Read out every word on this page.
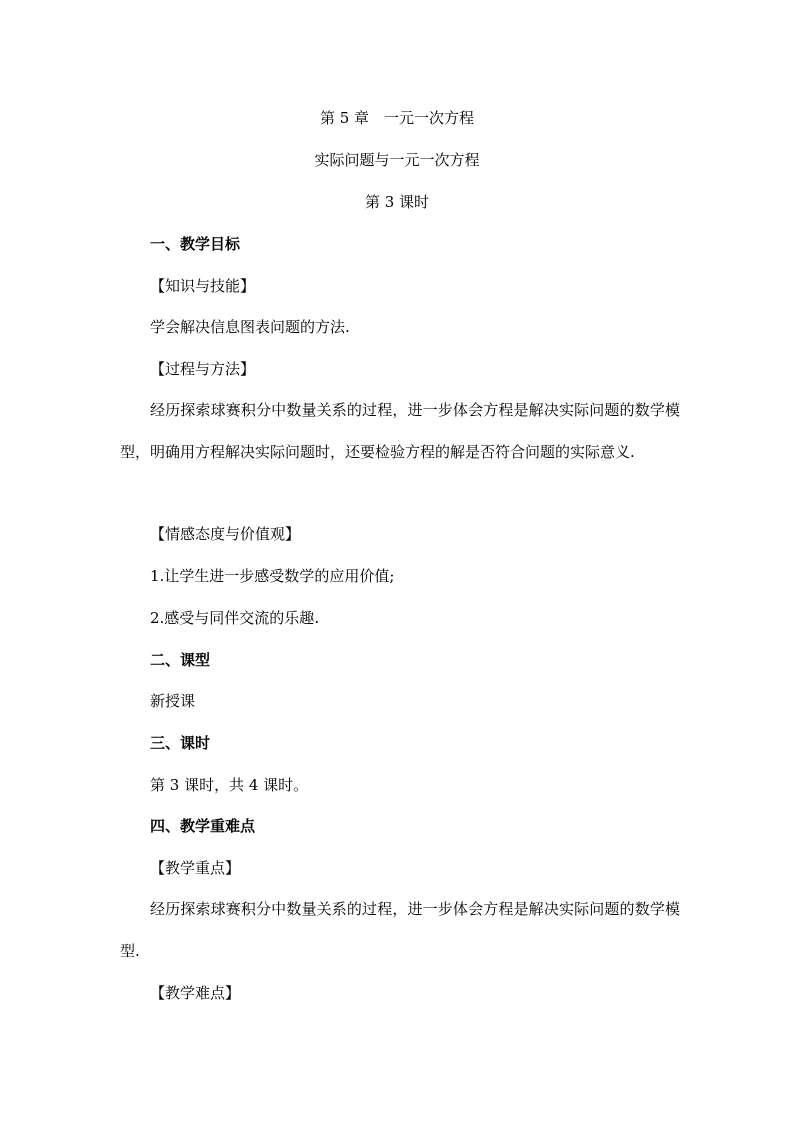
第 5 章　一元一次方程
实际问题与一元一次方程
第 3 课时
一、教学目标
【知识与技能】
学会解决信息图表问题的方法.
【过程与方法】
经历探索球赛积分中数量关系的过程，进一步体会方程是解决实际问题的数学模型，明确用方程解决实际问题时，还要检验方程的解是否符合问题的实际意义.
【情感态度与价值观】
1.让学生进一步感受数学的应用价值;
2.感受与同伴交流的乐趣.
二、课型
新授课
三、课时
第 3 课时，共 4 课时。
四、教学重难点
【教学重点】
经历探索球赛积分中数量关系的过程，进一步体会方程是解决实际问题的数学模型.
【教学难点】
